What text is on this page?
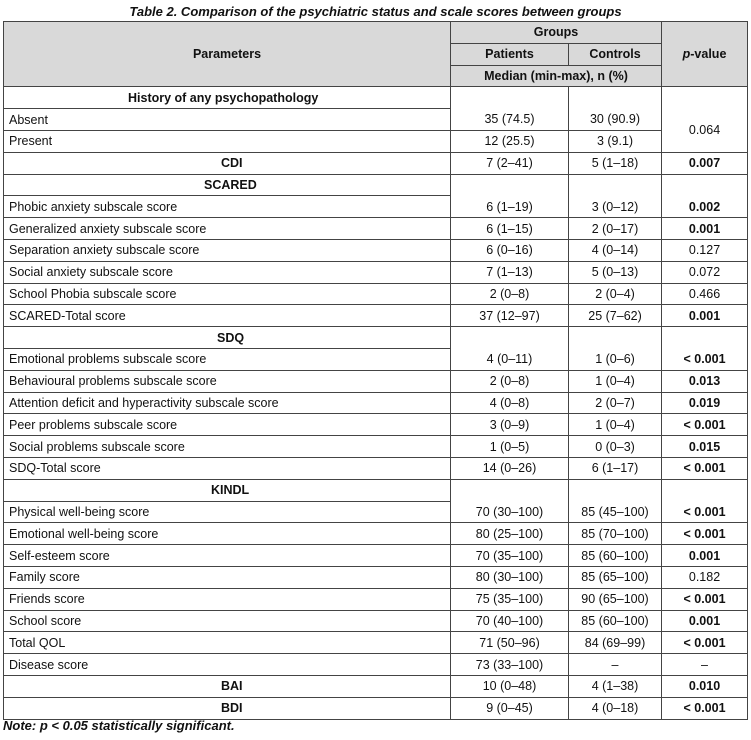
Table 2. Comparison of the psychiatric status and scale scores between groups
Parameters	Groups		p-value
	Patients	Controls	
	Median (min-max), n (%)		
History of any psychopathology			
Absent	35 (74.5)	30 (90.9)	0.064
Present	12 (25.5)	3 (9.1)	
CDI	7 (2–41)	5 (1–18)	0.007
SCARED			
Phobic anxiety subscale score	6 (1–19)	3 (0–12)	0.002
Generalized anxiety subscale score	6 (1–15)	2 (0–17)	0.001
Separation anxiety subscale score	6 (0–16)	4 (0–14)	0.127
Social anxiety subscale score	7 (1–13)	5 (0–13)	0.072
School Phobia subscale score	2 (0–8)	2 (0–4)	0.466
SCARED-Total score	37 (12–97)	25 (7–62)	0.001
SDQ			
Emotional problems subscale score	4 (0–11)	1 (0–6)	< 0.001
Behavioural problems subscale score	2 (0–8)	1 (0–4)	0.013
Attention deficit and hyperactivity subscale score	4 (0–8)	2 (0–7)	0.019
Peer problems subscale score	3 (0–9)	1 (0–4)	< 0.001
Social problems subscale score	1 (0–5)	0 (0–3)	0.015
SDQ-Total score	14 (0–26)	6 (1–17)	< 0.001
KINDL			
Physical well-being score	70 (30–100)	85 (45–100)	< 0.001
Emotional well-being score	80 (25–100)	85 (70–100)	< 0.001
Self-esteem score	70 (35–100)	85 (60–100)	0.001
Family score	80 (30–100)	85 (65–100)	0.182
Friends score	75 (35–100)	90 (65–100)	< 0.001
School score	70 (40–100)	85 (60–100)	0.001
Total QOL	71 (50–96)	84 (69–99)	< 0.001
Disease score	73 (33–100)	–	–
BAI	10 (0–48)	4 (1–38)	0.010
BDI	9 (0–45)	4 (0–18)	< 0.001
Note: p < 0.05 statistically significant.
